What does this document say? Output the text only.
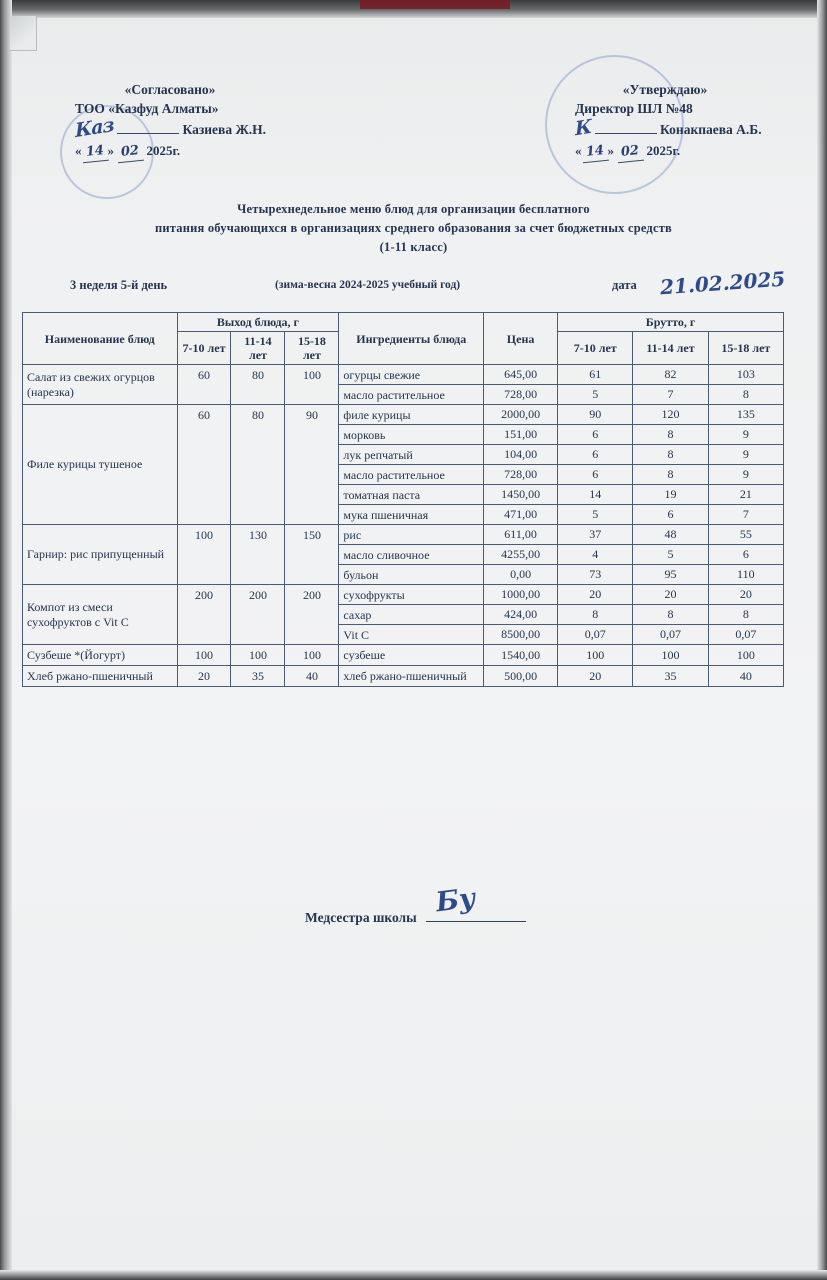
«Согласовано»
ТОО «Казфуд Алматы»
Каз	Казиева Ж.Н.
« 14 » 02 2025г.
«Утверждаю»
Директор ШЛ №48
К	Конакпаева А.Б.
« 14 » 02 2025г.
Четырехнедельное меню блюд для организации бесплатного
питания обучающихся в организациях среднего образования за счет бюджетных средств
(1-11 класс)
3 неделя 5-й день	(зима-весна 2024-2025 учебный год)	дата 21.02.2025
Наименование блюд	Выход блюда, г			Ингредиенты блюда	Цена	Брутто, г		
	7-10 лет	11-14 лет	15-18 лет			7-10 лет	11-14 лет	15-18 лет
Салат из свежих огурцов (нарезка)	60	80	100	огурцы свежие	645,00	61	82	103
				масло растительное	728,00	5	7	8
Филе курицы тушеное	60	80	90	филе курицы	2000,00	90	120	135
				морковь	151,00	6	8	9
				лук репчатый	104,00	6	8	9
				масло растительное	728,00	6	8	9
				томатная паста	1450,00	14	19	21
				мука пшеничная	471,00	5	6	7
Гарнир: рис припущенный	100	130	150	рис	611,00	37	48	55
				масло сливочное	4255,00	4	5	6
				бульон	0,00	73	95	110
Компот из смеси сухофруктов с Vit C	200	200	200	сухофрукты	1000,00	20	20	20
				сахар	424,00	8	8	8
				Vit C	8500,00	0,07	0,07	0,07
Сузбеше *(Йогурт)	100	100	100	сузбеше	1540,00	100	100	100
Хлеб ржано-пшеничный	20	35	40	хлеб ржано-пшеничный	500,00	20	35	40
Медсестра школы Бу
